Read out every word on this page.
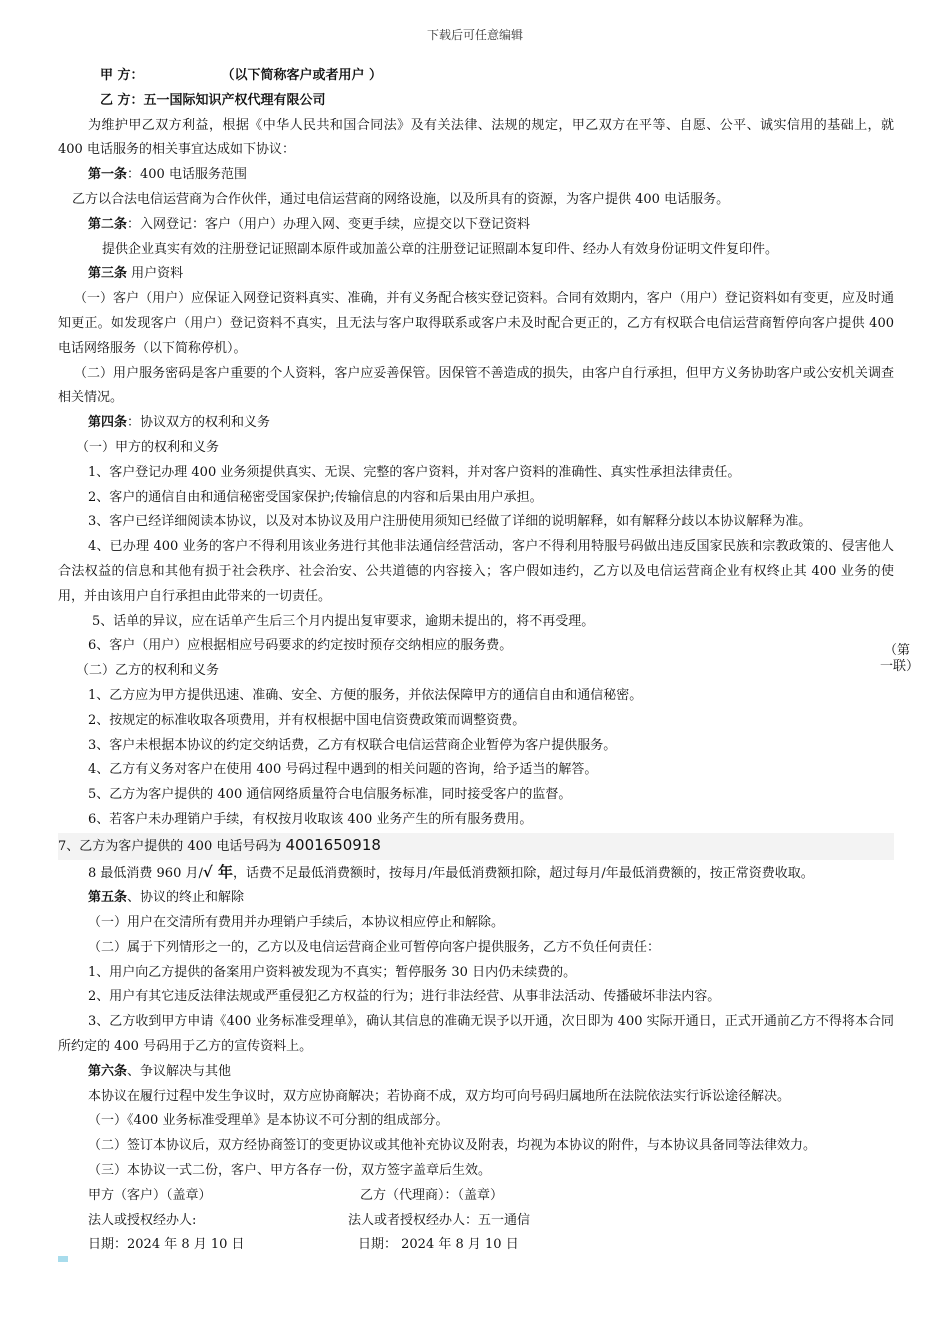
下载后可任意编辑

甲 方：	（以下简称客户或者用户 ）

乙 方：五一国际知识产权代理有限公司

为维护甲乙双方利益，根据《中华人民共和国合同法》及有关法律、法规的规定，甲乙双方在平等、自愿、公平、诚实信用的基础上，就 400 电话服务的相关事宜达成如下协议：

第一条：400 电话服务范围

乙方以合法电信运营商为合作伙伴，通过电信运营商的网络设施，以及所具有的资源，为客户提供 400 电话服务。

第二条：入网登记：客户（用户）办理入网、变更手续，应提交以下登记资料

提供企业真实有效的注册登记证照副本原件或加盖公章的注册登记证照副本复印件、经办人有效身份证明文件复印件。

第三条 用户资料

（一）客户（用户）应保证入网登记资料真实、准确，并有义务配合核实登记资料。合同有效期内，客户（用户）登记资料如有变更，应及时通知更正。如发现客户（用户）登记资料不真实，且无法与客户取得联系或客户未及时配合更正的，乙方有权联合电信运营商暂停向客户提供 400 电话网络服务（以下简称停机）。

（二）用户服务密码是客户重要的个人资料，客户应妥善保管。因保管不善造成的损失，由客户自行承担，但甲方义务协助客户或公安机关调查相关情况。

第四条：协议双方的权利和义务

（一）甲方的权利和义务

1、客户登记办理 400 业务须提供真实、无误、完整的客户资料，并对客户资料的准确性、真实性承担法律责任。

2、客户的通信自由和通信秘密受国家保护;传输信息的内容和后果由用户承担。

3、客户已经详细阅读本协议，以及对本协议及用户注册使用须知已经做了详细的说明解释，如有解释分歧以本协议解释为准。

4、已办理 400 业务的客户不得利用该业务进行其他非法通信经营活动，客户不得利用特服号码做出违反国家民族和宗教政策的、侵害他人合法权益的信息和其他有损于社会秩序、社会治安、公共道德的内容接入；客户假如违约，乙方以及电信运营商企业有权终止其 400 业务的使用，并由该用户自行承担由此带来的一切责任。

5、话单的异议，应在话单产生后三个月内提出复审要求，逾期未提出的，将不再受理。

6、客户（用户）应根据相应号码要求的约定按时预存交纳相应的服务费。

（二）乙方的权利和义务

1、乙方应为甲方提供迅速、准确、安全、方便的服务，并依法保障甲方的通信自由和通信秘密。

2、按规定的标准收取各项费用，并有权根据中国电信资费政策而调整资费。

3、客户未根据本协议的约定交纳话费，乙方有权联合电信运营商企业暂停为客户提供服务。

4、乙方有义务对客户在使用 400 号码过程中遇到的相关问题的咨询，给予适当的解答。

5、乙方为客户提供的 400 通信网络质量符合电信服务标准，同时接受客户的监督。

6、若客户未办理销户手续，有权按月收取该 400 业务产生的所有服务费用。

7、乙方为客户提供的 400 电话号码为 4001650918

8 最低消费 960 月/√ 年，话费不足最低消费额时，按每月/年最低消费额扣除，超过每月/年最低消费额的，按正常资费收取。

第五条、协议的终止和解除

（一）用户在交清所有费用并办理销户手续后，本协议相应停止和解除。

（二）属于下列情形之一的，乙方以及电信运营商企业可暂停向客户提供服务，乙方不负任何责任：

1、用户向乙方提供的备案用户资料被发现为不真实；暂停服务 30 日内仍未续费的。

2、用户有其它违反法律法规或严重侵犯乙方权益的行为；进行非法经营、从事非法活动、传播破坏非法内容。

3、乙方收到甲方申请《400 业务标准受理单》，确认其信息的准确无误予以开通，次日即为 400 实际开通日，正式开通前乙方不得将本合同所约定的 400 号码用于乙方的宣传资料上。

第六条、争议解决与其他

本协议在履行过程中发生争议时，双方应协商解决；若协商不成，双方均可向号码归属地所在法院依法实行诉讼途径解决。

（一）《400 业务标准受理单》是本协议不可分割的组成部分。

（二）签订本协议后，双方经协商签订的变更协议或其他补充协议及附表，均视为本协议的附件，与本协议具备同等法律效力。

（三）本协议一式二份，客户、甲方各存一份，双方签字盖章后生效。

甲方（客户）（盖章）	乙方（代理商）：（盖章）
法人或授权经办人:	法人或者授权经办人：五一通信
日期：2024 年 8 月 10 日	日期： 2024 年 8 月 10 日
（第一联）
